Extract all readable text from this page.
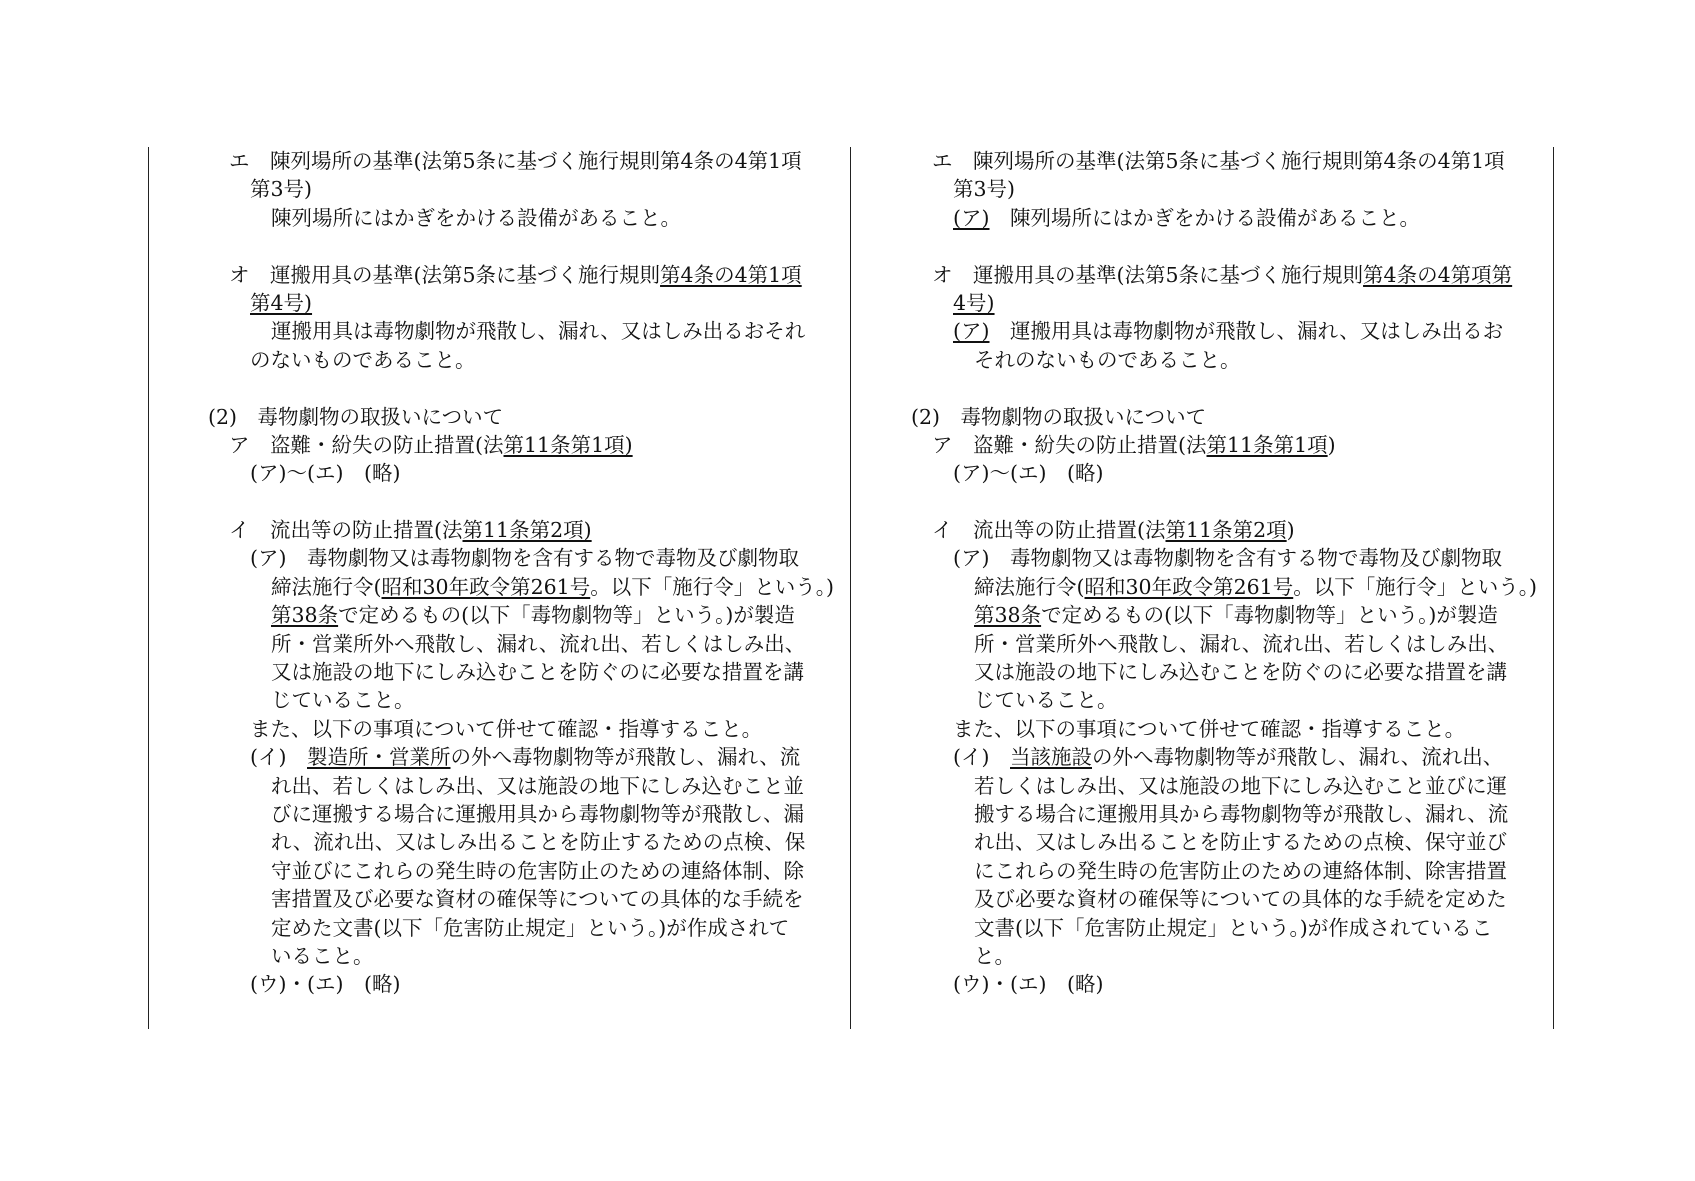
エ　陳列場所の基準(法第5条に基づく施行規則第4条の4第1項
第3号)
陳列場所にはかぎをかける設備があること。
オ　運搬用具の基準(法第5条に基づく施行規則第4条の4第1項
第4号)
運搬用具は毒物劇物が飛散し、漏れ、又はしみ出るおそれ
のないものであること。
(2)　毒物劇物の取扱いについて
ア　盗難・紛失の防止措置(法第11条第1項)
(ア)～(エ)　(略)
イ　流出等の防止措置(法第11条第2項)
(ア)　毒物劇物又は毒物劇物を含有する物で毒物及び劇物取
締法施行令(昭和30年政令第261号。以下「施行令」という。)
第38条で定めるもの(以下「毒物劇物等」という。)が製造
所・営業所外へ飛散し、漏れ、流れ出、若しくはしみ出、
又は施設の地下にしみ込むことを防ぐのに必要な措置を講
じていること。
また、以下の事項について併せて確認・指導すること。
(イ)　製造所・営業所の外へ毒物劇物等が飛散し、漏れ、流
れ出、若しくはしみ出、又は施設の地下にしみ込むこと並
びに運搬する場合に運搬用具から毒物劇物等が飛散し、漏
れ、流れ出、又はしみ出ることを防止するための点検、保
守並びにこれらの発生時の危害防止のための連絡体制、除
害措置及び必要な資材の確保等についての具体的な手続を
定めた文書(以下「危害防止規定」という。)が作成されて
いること。
(ウ)・(エ)　(略)
エ　陳列場所の基準(法第5条に基づく施行規則第4条の4第1項
第3号)
(ア)　陳列場所にはかぎをかける設備があること。
オ　運搬用具の基準(法第5条に基づく施行規則第4条の4第項第
4号)
(ア)　運搬用具は毒物劇物が飛散し、漏れ、又はしみ出るお
それのないものであること。
(2)　毒物劇物の取扱いについて
ア　盗難・紛失の防止措置(法第11条第1項)
(ア)～(エ)　(略)
イ　流出等の防止措置(法第11条第2項)
(ア)　毒物劇物又は毒物劇物を含有する物で毒物及び劇物取
締法施行令(昭和30年政令第261号。以下「施行令」という。)
第38条で定めるもの(以下「毒物劇物等」という。)が製造
所・営業所外へ飛散し、漏れ、流れ出、若しくはしみ出、
又は施設の地下にしみ込むことを防ぐのに必要な措置を講
じていること。
また、以下の事項について併せて確認・指導すること。
(イ)　当該施設の外へ毒物劇物等が飛散し、漏れ、流れ出、
若しくはしみ出、又は施設の地下にしみ込むこと並びに運
搬する場合に運搬用具から毒物劇物等が飛散し、漏れ、流
れ出、又はしみ出ることを防止するための点検、保守並び
にこれらの発生時の危害防止のための連絡体制、除害措置
及び必要な資材の確保等についての具体的な手続を定めた
文書(以下「危害防止規定」という。)が作成されているこ
と。
(ウ)・(エ)　(略)
